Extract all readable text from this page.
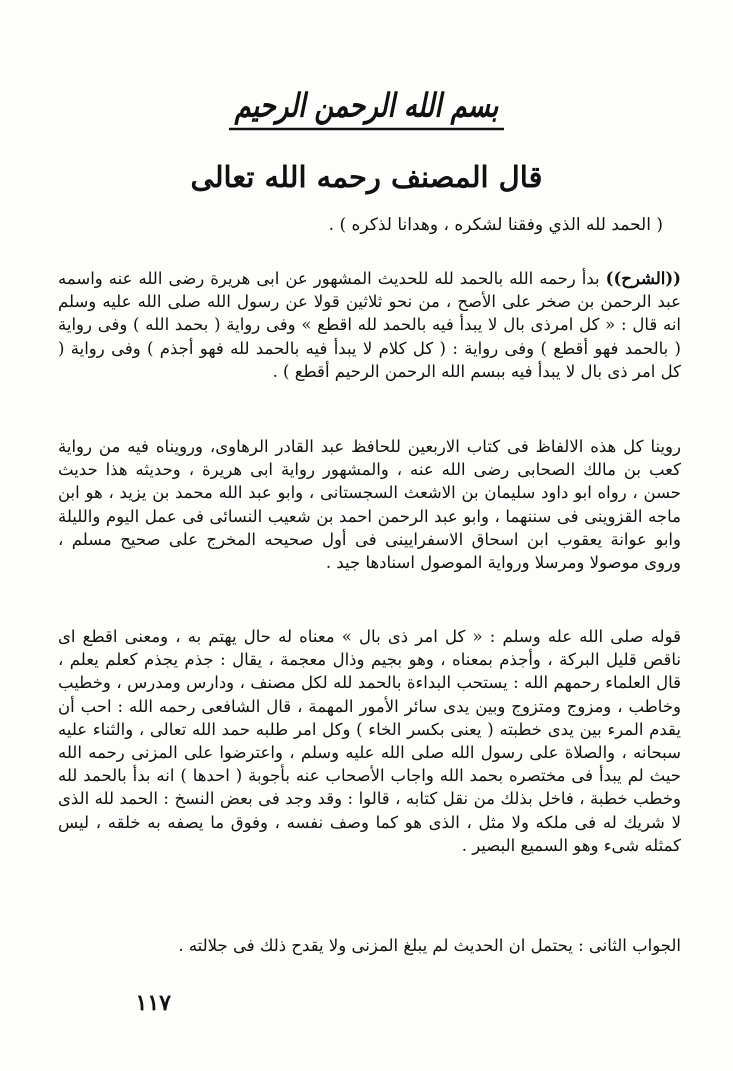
بسم الله الرحمن الرحيم
قال المصنف رحمه الله تعالى

( الحمد لله الذي وفقنا لشكره ، وهدانا لذكره ) .

((الشرح)) بدأ رحمه الله بالحمد لله للحديث المشهور عن ابى هريرة رضى الله عنه واسمه عبد الرحمن بن صخر على الأصح ، من نحو ثلاثين قولا عن رسول الله صلى الله عليه وسلم انه قال : « كل امرذى بال لا يبدأ فيه بالحمد لله اقطع » وفى رواية ( بحمد الله ) وفى رواية ( بالحمد فهو أقطع ) وفى رواية : ( كل كلام لا يبدأ فيه بالحمد لله فهو أجذم ) وفى رواية ( كل امر ذى بال لا يبدأ فيه ببسم الله الرحمن الرحيم أقطع ) .

روينا كل هذه الالفاظ فى كتاب الاربعين للحافظ عبد القادر الرهاوى، ورويناه فيه من رواية كعب بن مالك الصحابى رضى الله عنه ، والمشهور رواية ابى هريرة ، وحديثه هذا حديث حسن ، رواه ابو داود سليمان بن الاشعث السجستانى ، وابو عبد الله محمد بن يزيد ، هو ابن ماجه القزوينى فى سننهما ، وابو عبد الرحمن احمد بن شعيب النسائى فى عمل اليوم والليلة وابو عوانة يعقوب ابن اسحاق الاسفرايينى فى أول صحيحه المخرج على صحيح مسلم ، وروى موصولا ومرسلا ورواية الموصول اسنادها جيد .

قوله صلى الله عله وسلم : « كل امر ذى بال » معناه له حال يهتم به ، ومعنى اقطع اى ناقص قليل البركة ، وأجذم بمعناه ، وهو بجيم وذال معجمة ، يقال : جذم يجذم كعلم يعلم ، قال العلماء رحمهم الله : يستحب البداءة بالحمد لله لكل مصنف ، ودارس ومدرس ، وخطيب وخاطب ، ومزوج ومتزوج وبين يدى سائر الأمور المهمة ، قال الشافعى رحمه الله : احب أن يقدم المرء بين يدى خطبته ( يعنى بكسر الخاء ) وكل امر طلبه حمد الله تعالى ، والثناء عليه سبحانه ، والصلاة على رسول الله صلى الله عليه وسلم ، واعترضوا على المزنى رحمه الله حيث لم يبدأ فى مختصره بحمد الله واجاب الأصحاب عنه بأجوبة ( احدها ) انه بدأ بالحمد لله وخطب خطبة ، فاخل بذلك من نقل كتابه ، قالوا : وقد وجد فى بعض النسخ : الحمد لله الذى لا شريك له فى ملكه ولا مثل ، الذى هو كما وصف نفسه ، وفوق ما يصفه به خلقه ، ليس كمثله شىء وهو السميع البصير .

الجواب الثانى : يحتمل ان الحديث لم يبلغ المزنى ولا يقدح ذلك فى جلالته .

١١٧
